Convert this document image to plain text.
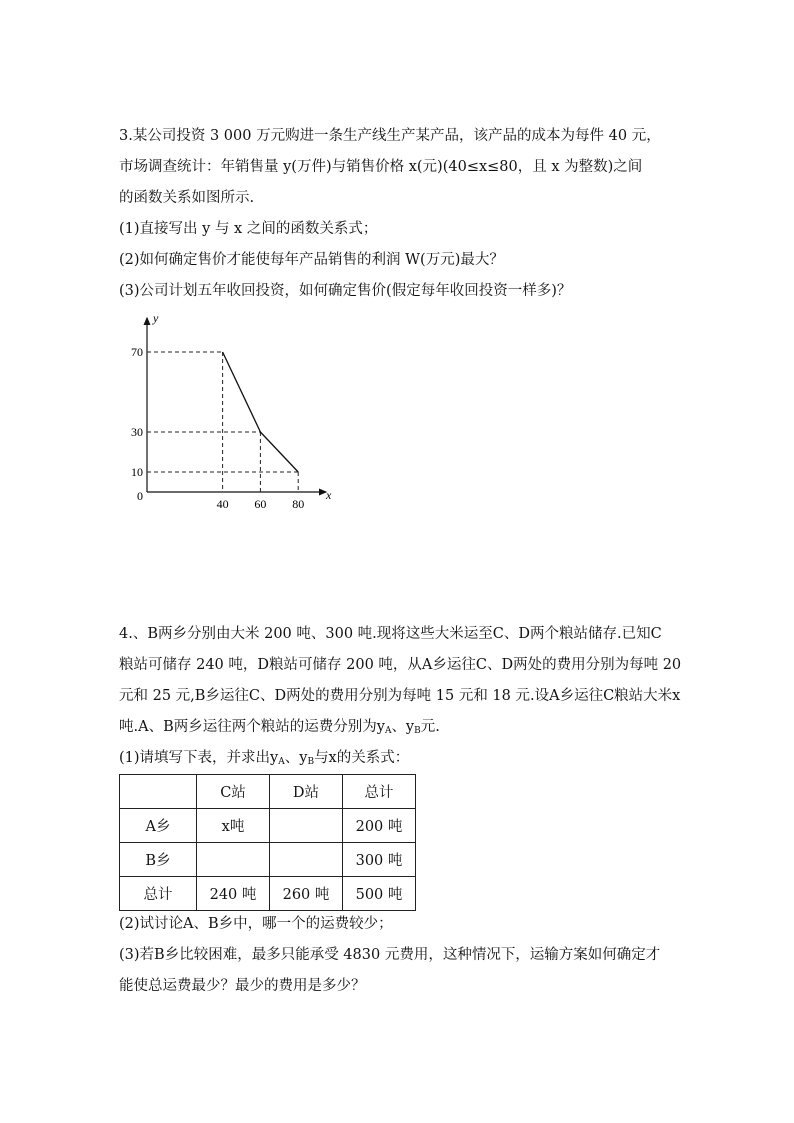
3.某公司投资 3 000 万元购进一条生产线生产某产品，该产品的成本为每件 40 元，
市场调查统计：年销售量 y(万件)与销售价格 x(元)(40≤x≤80，且 x 为整数)之间
的函数关系如图所示.
(1)直接写出 y 与 x 之间的函数关系式；
(2)如何确定售价才能使每年产品销售的利润 W(万元)最大？
(3)公司计划五年收回投资，如何确定售价(假定每年收回投资一样多)？
y
x
0
40 60 80
70
30
10
4.、B两乡分别由大米 200 吨、300 吨.现将这些大米运至C、D两个粮站储存.已知C
粮站可储存 240 吨，D粮站可储存 200 吨，从A乡运往C、D两处的费用分别为每吨 20
元和 25 元,B乡运往C、D两处的费用分别为每吨 15 元和 18 元.设A乡运往C粮站大米x
吨.A、B两乡运往两个粮站的运费分别为$y_A$、$y_B$元.
(1)请填写下表，并求出$y_A$、$y_B$与x的关系式：
	C站	D站	总计
A乡	x吨		200 吨
B乡			300 吨
总计	240 吨	260 吨	500 吨
(2)试讨论A、B乡中，哪一个的运费较少；
(3)若B乡比较困难，最多只能承受 4830 元费用，这种情况下，运输方案如何确定才
能使总运费最少？最少的费用是多少？
